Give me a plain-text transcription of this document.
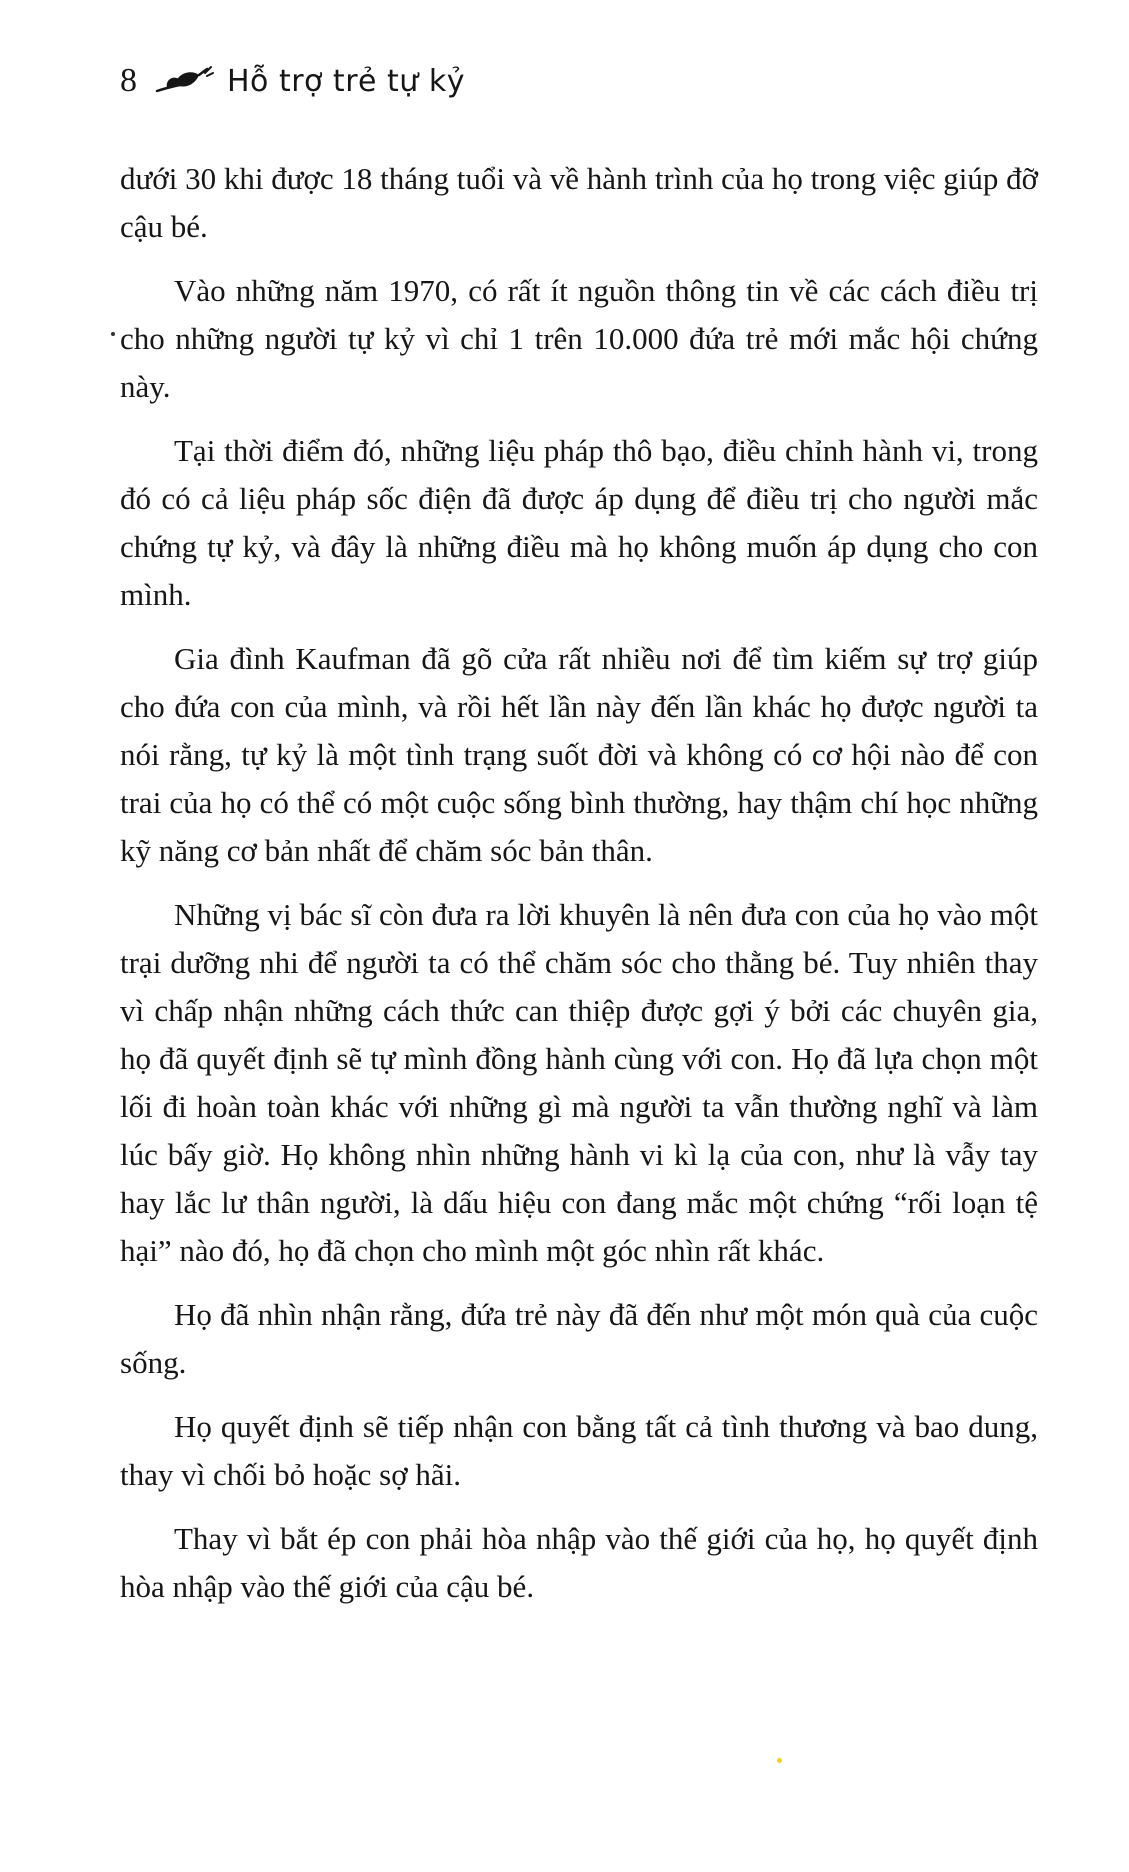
8	Hỗ trợ trẻ tự kỷ

dưới 30 khi được 18 tháng tuổi và về hành trình của họ trong việc giúp đỡ cậu bé.

Vào những năm 1970, có rất ít nguồn thông tin về các cách điều trị cho những người tự kỷ vì chỉ 1 trên 10.000 đứa trẻ mới mắc hội chứng này.

Tại thời điểm đó, những liệu pháp thô bạo, điều chỉnh hành vi, trong đó có cả liệu pháp sốc điện đã được áp dụng để điều trị cho người mắc chứng tự kỷ, và đây là những điều mà họ không muốn áp dụng cho con mình.

Gia đình Kaufman đã gõ cửa rất nhiều nơi để tìm kiếm sự trợ giúp cho đứa con của mình, và rồi hết lần này đến lần khác họ được người ta nói rằng, tự kỷ là một tình trạng suốt đời và không có cơ hội nào để con trai của họ có thể có một cuộc sống bình thường, hay thậm chí học những kỹ năng cơ bản nhất để chăm sóc bản thân.

Những vị bác sĩ còn đưa ra lời khuyên là nên đưa con của họ vào một trại dưỡng nhi để người ta có thể chăm sóc cho thằng bé. Tuy nhiên thay vì chấp nhận những cách thức can thiệp được gợi ý bởi các chuyên gia, họ đã quyết định sẽ tự mình đồng hành cùng với con. Họ đã lựa chọn một lối đi hoàn toàn khác với những gì mà người ta vẫn thường nghĩ và làm lúc bấy giờ. Họ không nhìn những hành vi kì lạ của con, như là vẫy tay hay lắc lư thân người, là dấu hiệu con đang mắc một chứng “rối loạn tệ hại” nào đó, họ đã chọn cho mình một góc nhìn rất khác.

Họ đã nhìn nhận rằng, đứa trẻ này đã đến như một món quà của cuộc sống.

Họ quyết định sẽ tiếp nhận con bằng tất cả tình thương và bao dung, thay vì chối bỏ hoặc sợ hãi.

Thay vì bắt ép con phải hòa nhập vào thế giới của họ, họ quyết định hòa nhập vào thế giới của cậu bé.
